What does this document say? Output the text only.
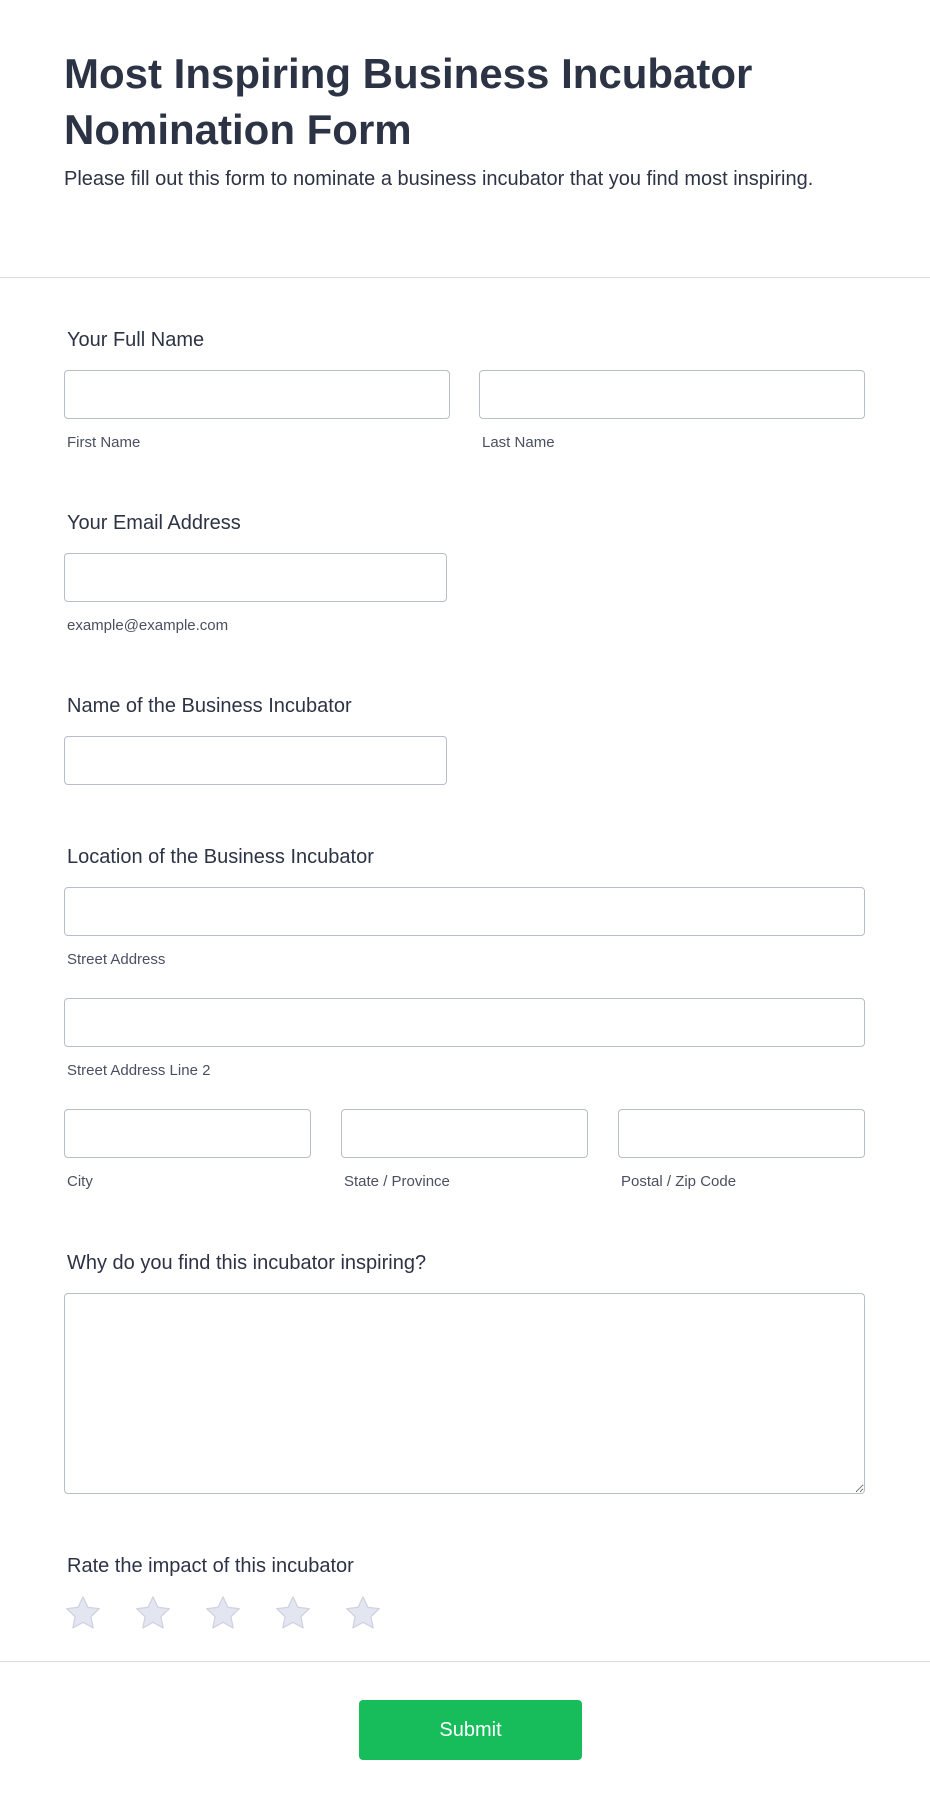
Most Inspiring Business Incubator Nomination Form

Please fill out this form to nominate a business incubator that you find most inspiring.

Your Full Name
First Name	Last Name
Your Email Address
example@example.com
Name of the Business Incubator
Location of the Business Incubator
Street Address
Street Address Line 2
City	State / Province	Postal / Zip Code
Why do you find this incubator inspiring?
Rate the impact of this incubator
Submit
